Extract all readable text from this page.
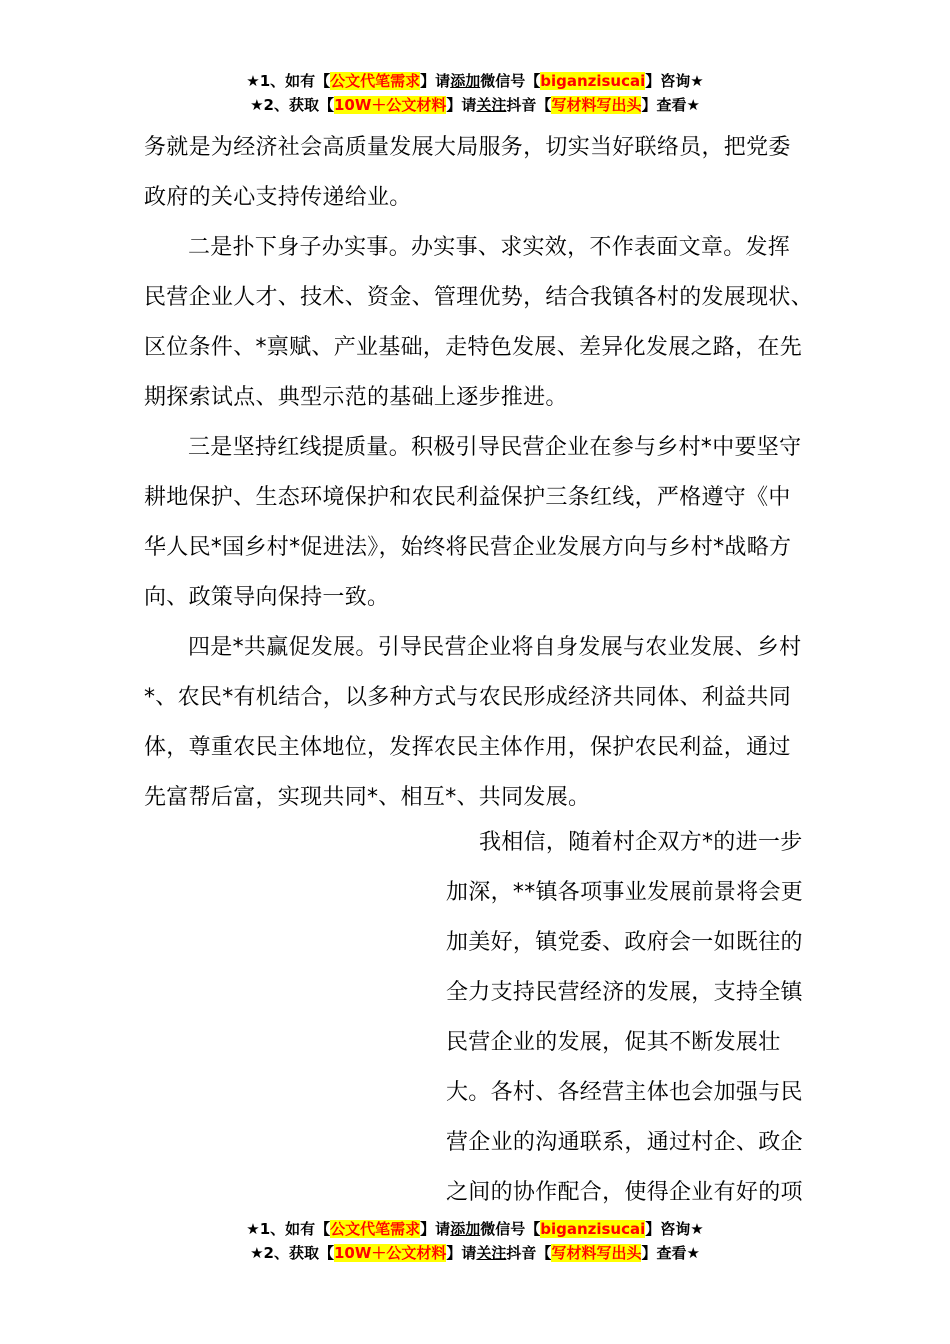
★1、如有【公文代笔需求】请添加微信号【biganzisucai】咨询★
★2、获取【10W＋公文材料】请关注抖音【写材料写出头】查看★
务就是为经济社会高质量发展大局服务，切实当好联络员，把党委
政府的关心支持传递给业。
二是扑下身子办实事。办实事、求实效，不作表面文章。发挥
民营企业人才、技术、资金、管理优势，结合我镇各村的发展现状、
区位条件、*禀赋、产业基础，走特色发展、差异化发展之路，在先
期探索试点、典型示范的基础上逐步推进。
三是坚持红线提质量。积极引导民营企业在参与乡村*中要坚守
耕地保护、生态环境保护和农民利益保护三条红线，严格遵守《中
华人民*国乡村*促进法》，始终将民营企业发展方向与乡村*战略方
向、政策导向保持一致。
四是*共赢促发展。引导民营企业将自身发展与农业发展、乡村
*、农民*有机结合，以多种方式与农民形成经济共同体、利益共同
体，尊重农民主体地位，发挥农民主体作用，保护农民利益，通过
先富帮后富，实现共同*、相互*、共同发展。
我相信，随着村企双方*的进一步
加深，**镇各项事业发展前景将会更
加美好，镇党委、政府会一如既往的
全力支持民营经济的发展，支持全镇
民营企业的发展，促其不断发展壮
大。各村、各经营主体也会加强与民
营企业的沟通联系，通过村企、政企
之间的协作配合，使得企业有好的项
★1、如有【公文代笔需求】请添加微信号【biganzisucai】咨询★
★2、获取【10W＋公文材料】请关注抖音【写材料写出头】查看★
